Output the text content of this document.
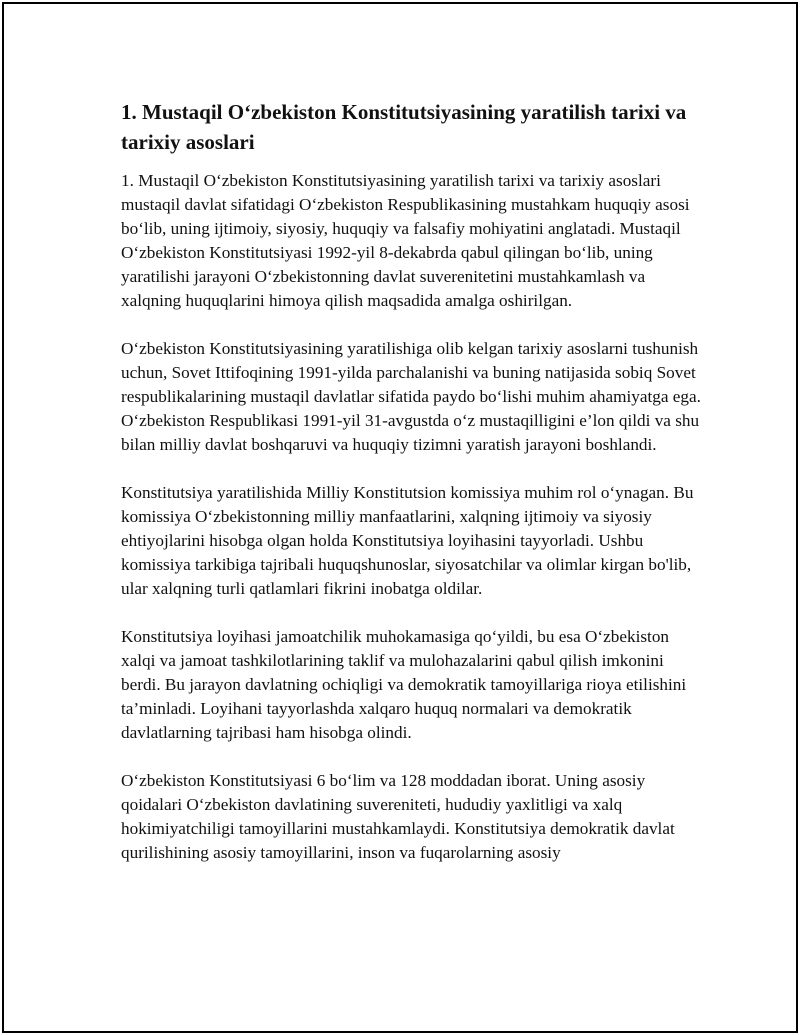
1. Mustaqil O‘zbekiston Konstitutsiyasining yaratilish tarixi va tarixiy asoslari

1. Mustaqil O‘zbekiston Konstitutsiyasining yaratilish tarixi va tarixiy asoslari mustaqil davlat sifatidagi O‘zbekiston Respublikasining mustahkam huquqiy asosi bo‘lib, uning ijtimoiy, siyosiy, huquqiy va falsafiy mohiyatini anglatadi. Mustaqil O‘zbekiston Konstitutsiyasi 1992-yil 8-dekabrda qabul qilingan bo‘lib, uning yaratilishi jarayoni O‘zbekistonning davlat suverenitetini mustahkamlash va xalqning huquqlarini himoya qilish maqsadida amalga oshirilgan.

O‘zbekiston Konstitutsiyasining yaratilishiga olib kelgan tarixiy asoslarni tushunish uchun, Sovet Ittifoqining 1991-yilda parchalanishi va buning natijasida sobiq Sovet respublikalarining mustaqil davlatlar sifatida paydo bo‘lishi muhim ahamiyatga ega. O‘zbekiston Respublikasi 1991-yil 31-avgustda o‘z mustaqilligini e’lon qildi va shu bilan milliy davlat boshqaruvi va huquqiy tizimni yaratish jarayoni boshlandi.

Konstitutsiya yaratilishida Milliy Konstitutsion komissiya muhim rol o‘ynagan. Bu komissiya O‘zbekistonning milliy manfaatlarini, xalqning ijtimoiy va siyosiy ehtiyojlarini hisobga olgan holda Konstitutsiya loyihasini tayyorladi. Ushbu komissiya tarkibiga tajribali huquqshunoslar, siyosatchilar va olimlar kirgan bo'lib, ular xalqning turli qatlamlari fikrini inobatga oldilar.

Konstitutsiya loyihasi jamoatchilik muhokamasiga qo‘yildi, bu esa O‘zbekiston xalqi va jamoat tashkilotlarining taklif va mulohazalarini qabul qilish imkonini berdi. Bu jarayon davlatning ochiqligi va demokratik tamoyillariga rioya etilishini ta’minladi. Loyihani tayyorlashda xalqaro huquq normalari va demokratik davlatlarning tajribasi ham hisobga olindi.

O‘zbekiston Konstitutsiyasi 6 bo‘lim va 128 moddadan iborat. Uning asosiy qoidalari O‘zbekiston davlatining suvereniteti, hududiy yaxlitligi va xalq hokimiyatchiligi tamoyillarini mustahkamlaydi. Konstitutsiya demokratik davlat qurilishining asosiy tamoyillarini, inson va fuqarolarning asosiy
